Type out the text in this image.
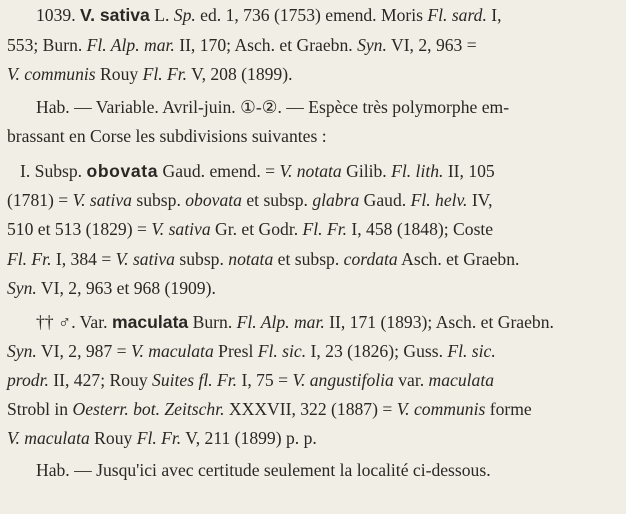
1039. V. sativa L. Sp. ed. 1, 736 (1753) emend. Moris Fl. sard. I,
553; Burn. Fl. Alp. mar. II, 170; Asch. et Graebn. Syn. VI, 2, 963 =
V. communis Rouy Fl. Fr. V, 208 (1899).
Hab. — Variable. Avril-juin. ①-②. — Espèce très polymorphe em-
brassant en Corse les subdivisions suivantes :
I. Subsp. obovata Gaud. emend. = V. notata Gilib. Fl. lith. II, 105
(1781) = V. sativa subsp. obovata et subsp. glabra Gaud. Fl. helv. IV,
510 et 513 (1829) = V. sativa Gr. et Godr. Fl. Fr. I, 458 (1848); Coste
Fl. Fr. I, 384 = V. sativa subsp. notata et subsp. cordata Asch. et Graebn.
Syn. VI, 2, 963 et 968 (1909).
†† ♂. Var. maculata Burn. Fl. Alp. mar. II, 171 (1893); Asch. et Graebn.
Syn. VI, 2, 987 = V. maculata Presl Fl. sic. I, 23 (1826); Guss. Fl. sic.
prodr. II, 427; Rouy Suites fl. Fr. I, 75 = V. angustifolia var. maculata
Strobl in Oesterr. bot. Zeitschr. XXXVII, 322 (1887) = V. communis forme
V. maculata Rouy Fl. Fr. V, 211 (1899) p. p.
Hab. — Jusqu'ici avec certitude seulement la localité ci-dessous.
